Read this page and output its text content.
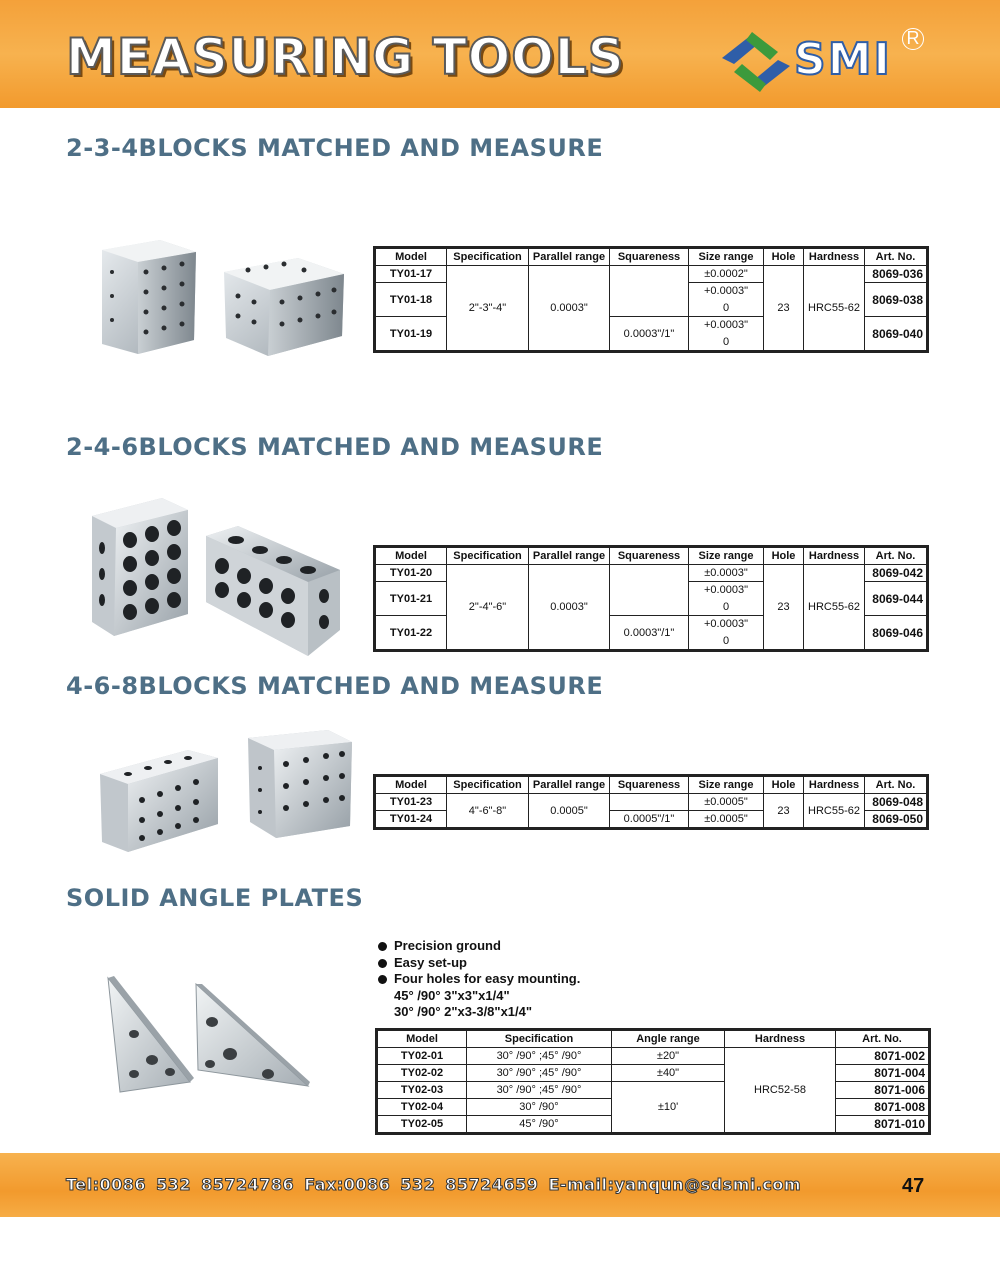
MEASURING TOOLS	SMI R
2-3-4BLOCKS MATCHED AND MEASURE
Model	Specification	Parallel range	Squareness	Size range	Hole	Hardness	Art. No.
TY01-17	2"-3"-4"	0.0003"		±0.0002"	23	HRC55-62	8069-036
TY01-18				+0.0003"			8069-038
				0			
TY01-19			0.0003"/1"	+0.0003"			8069-040
				0			
2-4-6BLOCKS MATCHED AND MEASURE
Model	Specification	Parallel range	Squareness	Size range	Hole	Hardness	Art. No.
TY01-20	2"-4"-6"	0.0003"		±0.0003"	23	HRC55-62	8069-042
TY01-21				+0.0003"			8069-044
				0			
TY01-22			0.0003"/1"	+0.0003"			8069-046
				0			
4-6-8BLOCKS MATCHED AND MEASURE
Model	Specification	Parallel range	Squareness	Size range	Hole	Hardness	Art. No.
TY01-23	4"-6"-8"	0.0005"		±0.0005"	23	HRC55-62	8069-048
TY01-24			0.0005"/1"	±0.0005"			8069-050
SOLID ANGLE PLATES
Precision ground
Easy set-up
Four holes for easy mounting.
45° /90° 3"x3"x1/4"
30° /90° 2"x3-3/8"x1/4"
Model	Specification	Angle range	Hardness	Art. No.
TY02-01	30° /90° ;45° /90°	±20"	HRC52-58	8071-002
TY02-02	30° /90° ;45° /90°	±40"		8071-004
TY02-03	30° /90° ;45° /90°	±10'		8071-006
TY02-04	30° /90°			8071-008
TY02-05	45° /90°			8071-010
Tel:0086 532 85724786 Fax:0086 532 85724659 E-mail:yanqun@sdsmi.com	47
